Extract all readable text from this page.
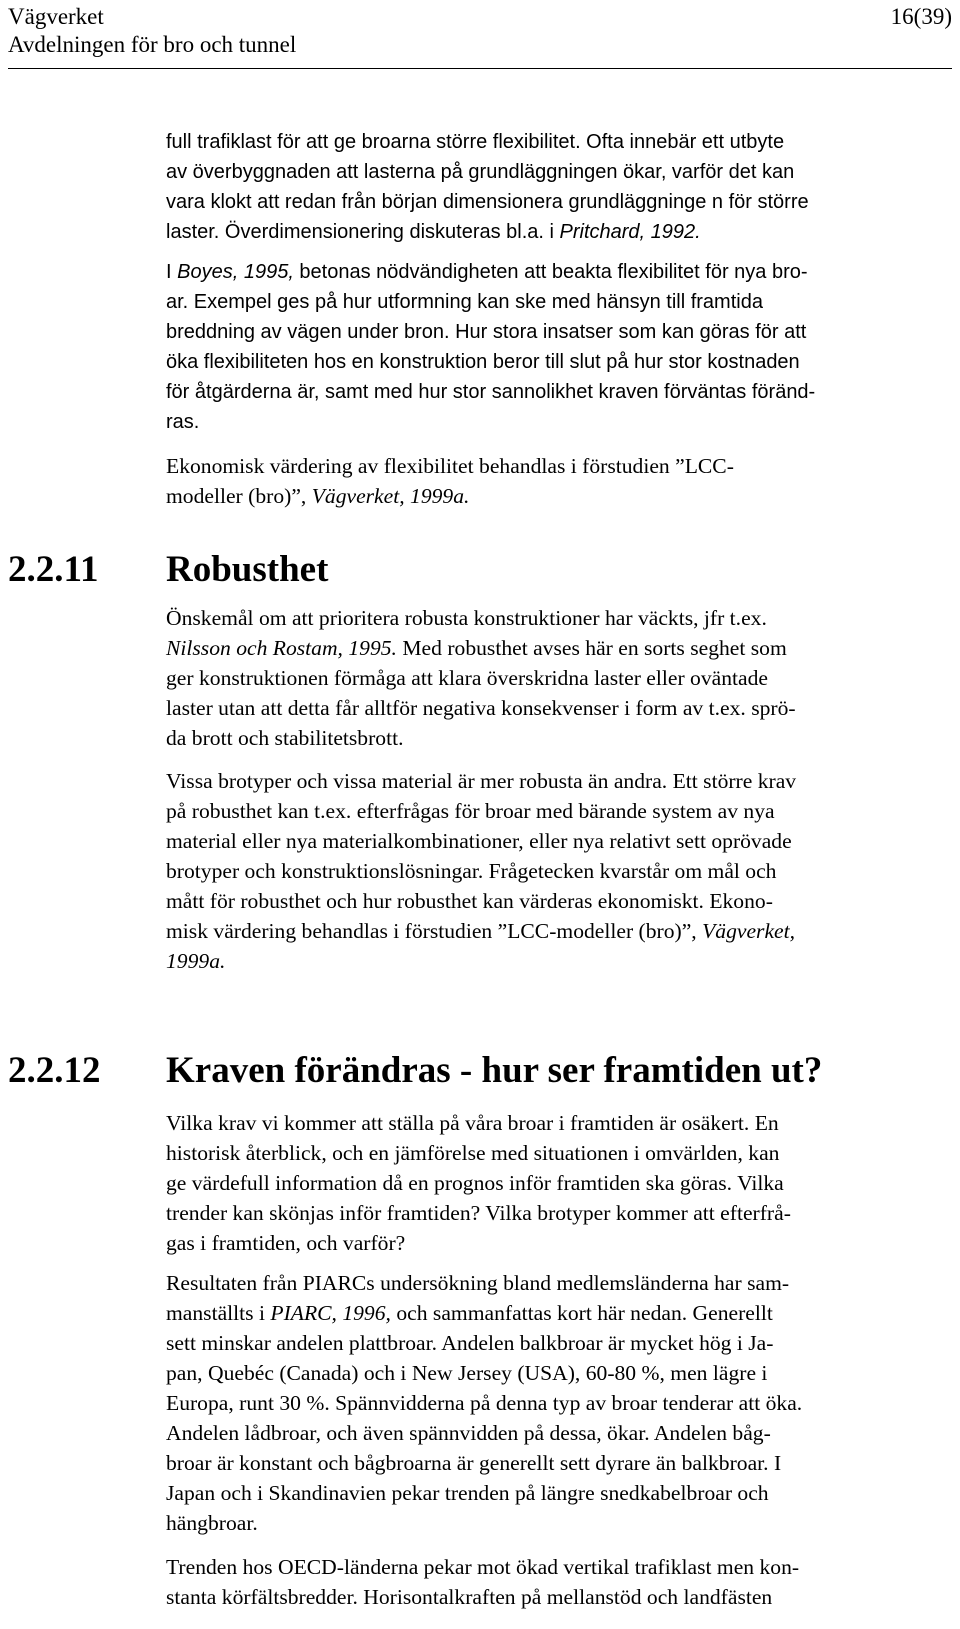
Vägverket
Avdelningen för bro och tunnel
16(39)
full trafiklast för att ge broarna större flexibilitet. Ofta innebär ett utbyte
av överbyggnaden att lasterna på grundläggningen ökar, varför det kan
vara klokt att redan från början dimensionera grundläggninge n för större
laster. Överdimensionering diskuteras bl.a. i Pritchard, 1992.
I Boyes, 1995, betonas nödvändigheten att beakta flexibilitet för nya bro-
ar. Exempel ges på hur utformning kan ske med hänsyn till framtida
breddning av vägen under bron. Hur stora insatser som kan göras för att
öka flexibiliteten hos en konstruktion beror till slut på hur stor kostnaden
för åtgärderna är, samt med hur stor sannolikhet kraven förväntas föränd-
ras.
Ekonomisk värdering av flexibilitet behandlas i förstudien ”LCC-
modeller (bro)”, Vägverket, 1999a.
2.2.11 Robusthet
Önskemål om att prioritera robusta konstruktioner har väckts, jfr t.ex.
Nilsson och Rostam, 1995. Med robusthet avses här en sorts seghet som
ger konstruktionen förmåga att klara överskridna laster eller oväntade
laster utan att detta får alltför negativa konsekvenser i form av t.ex. sprö-
da brott och stabilitetsbrott.
Vissa brotyper och vissa material är mer robusta än andra. Ett större krav
på robusthet kan t.ex. efterfrågas för broar med bärande system av nya
material eller nya materialkombinationer, eller nya relativt sett oprövade
brotyper och konstruktionslösningar. Frågetecken kvarstår om mål och
mått för robusthet och hur robusthet kan värderas ekonomiskt. Ekono-
misk värdering behandlas i förstudien ”LCC-modeller (bro)”, Vägverket,
1999a.
2.2.12 Kraven förändras - hur ser framtiden ut?
Vilka krav vi kommer att ställa på våra broar i framtiden är osäkert. En
historisk återblick, och en jämförelse med situationen i omvärlden, kan
ge värdefull information då en prognos inför framtiden ska göras. Vilka
trender kan skönjas inför framtiden? Vilka brotyper kommer att efterfrå-
gas i framtiden, och varför?
Resultaten från PIARCs undersökning bland medlemsländerna har sam-
manställts i PIARC, 1996, och sammanfattas kort här nedan. Generellt
sett minskar andelen plattbroar. Andelen balkbroar är mycket hög i Ja-
pan, Quebéc (Canada) och i New Jersey (USA), 60-80 %, men lägre i
Europa, runt 30 %. Spännvidderna på denna typ av broar tenderar att öka.
Andelen lådbroar, och även spännvidden på dessa, ökar. Andelen båg-
broar är konstant och bågbroarna är generellt sett dyrare än balkbroar. I
Japan och i Skandinavien pekar trenden på längre snedkabelbroar och
hängbroar.
Trenden hos OECD-länderna pekar mot ökad vertikal trafiklast men kon-
stanta körfältsbredder. Horisontalkraften på mellanstöd och landfästen
